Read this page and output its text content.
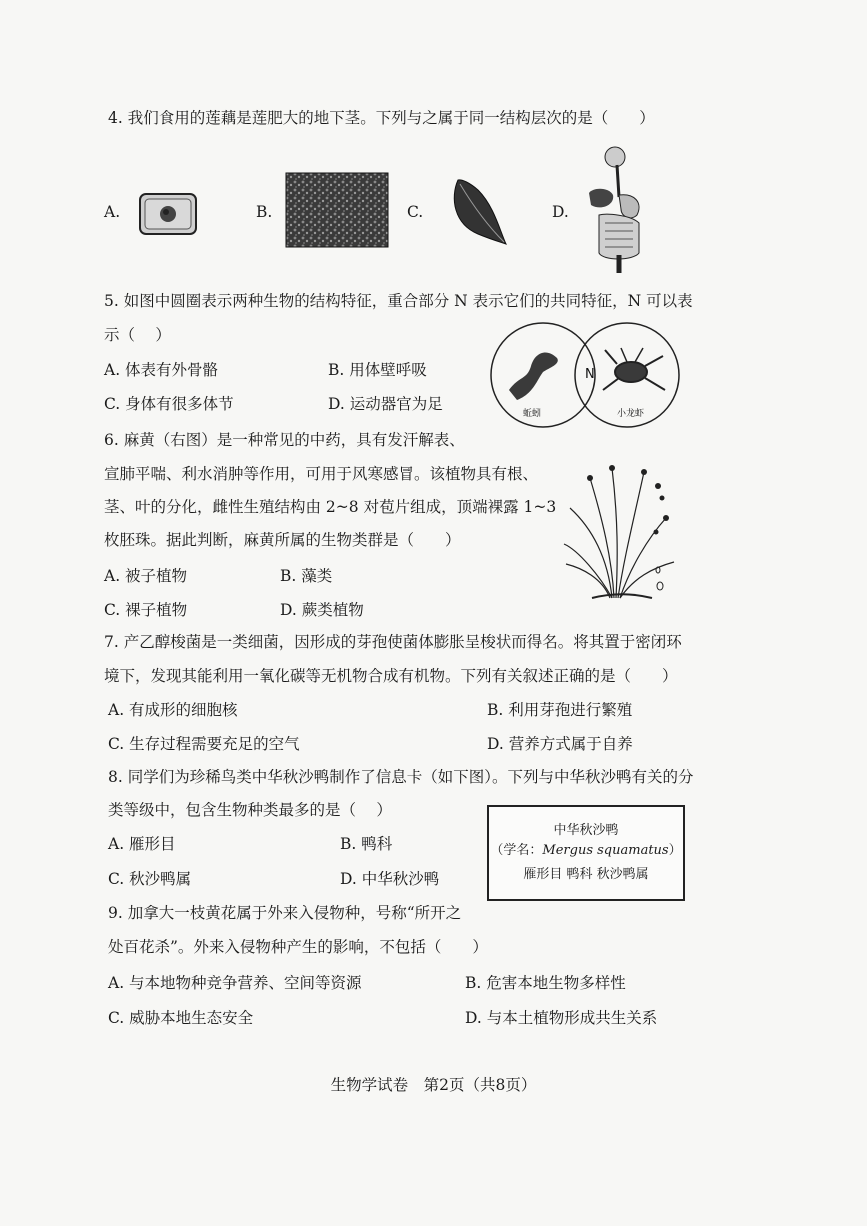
4. 我们食用的莲藕是莲肥大的地下茎。下列与之属于同一结构层次的是（　　）
A.	B.	C.	D.
5. 如图中圆圈表示两种生物的结构特征，重合部分 N 表示它们的共同特征，N 可以表
示（　 ）
A. 体表有外骨骼	B. 用体壁呼吸
C. 身体有很多体节	D. 运动器官为足
N
蚯蚓	小龙虾
6. 麻黄（右图）是一种常见的中药，具有发汗解表、
宣肺平喘、利水消肿等作用，可用于风寒感冒。该植物具有根、
茎、叶的分化，雌性生殖结构由 2~8 对苞片组成，顶端裸露 1~3
枚胚珠。据此判断，麻黄所属的生物类群是（　　）
A. 被子植物	B. 藻类
C. 裸子植物	D. 蕨类植物
7. 产乙醇梭菌是一类细菌，因形成的芽孢使菌体膨胀呈梭状而得名。将其置于密闭环
境下，发现其能利用一氧化碳等无机物合成有机物。下列有关叙述正确的是（　　）
A. 有成形的细胞核	B. 利用芽孢进行繁殖
C. 生存过程需要充足的空气	D. 营养方式属于自养
8. 同学们为珍稀鸟类中华秋沙鸭制作了信息卡（如下图）。下列与中华秋沙鸭有关的分
类等级中，包含生物种类最多的是（　 ）
A. 雁形目	B. 鸭科
C. 秋沙鸭属	D. 中华秋沙鸭
中华秋沙鸭
（学名：Mergus squamatus）
雁形目 鸭科 秋沙鸭属
9. 加拿大一枝黄花属于外来入侵物种，号称“所开之
处百花杀”。外来入侵物种产生的影响，不包括（　　）
A. 与本地物种竞争营养、空间等资源	B. 危害本地生物多样性
C. 威胁本地生态安全	D. 与本土植物形成共生关系
生物学试卷　第2页（共8页）
